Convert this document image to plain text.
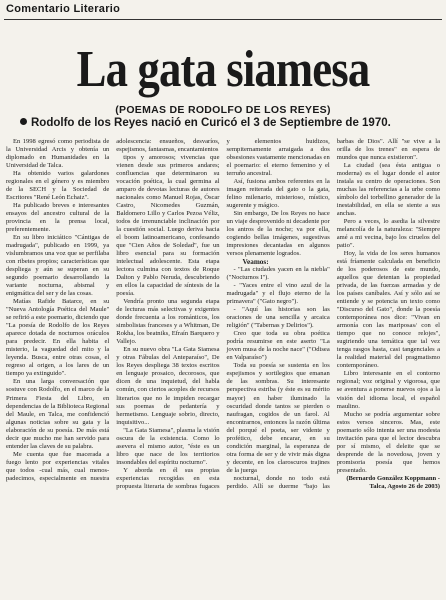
Comentario Literario
La gata siamesa
(POEMAS DE RODOLFO DE LOS REYES)
Rodolfo de los Reyes nació en Curicó el 3 de Septiembre de 1970.

En 1998 egresó como periodista de la Universidad Arcis y obtenía un diplomado en Humanidades en la Universidad de Talca.

Ha obtenido varios galardones regionales en el género y es miembro de la SECH y la Sociedad de Escritores "René León Echaiz".

Ha publicado breves e interesantes ensayos del ancestro cultural de la provincia en la prensa local, preferentemente.

En su libro iniciático "Cántigas de madrugada", publicado en 1999, ya vislumbramos una voz que se perfilaba con ribetes propios; características que despliega y aún se superan en su segundo poemario desarrollando la variante nocturna, abismal y enigmática del ser y de las cosas.

Matías Rafide Batarce, en su "Nueva Antología Poética del Maule" se refirió a este poemario, diciendo que "La poesía de Rodolfo de los Reyes aparece dotada de nocturnos oráculos para predecir. En ella habita el misterio, la vaguedad del mito y la leyenda. Busca, entre otras cosas, el regreso al origen, a los lares de un tiempo ya extinguido".

En una larga conversación que sostuve con Rodolfo, en el marco de la Primera Fiesta del Libro, en dependencias de la Biblioteca Regional del Maule, en Talca, me confidenció algunas noticias sobre su gata y la elaboración de su poesía. De más está decir que mucho me han servido para entender las claves de su palabra.

Me cuenta que fue maceradа a fuego lento por experiencias vitales que todos -cual más, cual menos- padecimos, especialmente en nuestra adolescencia: ensueños, desvaríos, espejismos, fantasmas, encantamientos

tipos y amorosos; vivencias que vienen desde sus primeros andares; confluencias que determinaron su vocación poética, la cual germina al amparo de devotas lecturas de autores nacionales como Manuel Rojas, Óscar Castro, Nicomedes Guzmán, Baldomero Lillo y Carlos Pezoa Véliz, todos de irrenunciable inclinación por la cuestión social. Luego deriva hacia el boom latinoamericano, confesando que "Cien Años de Soledad", fue un libro esencial para su formación intelectual adolescente. Esta etapa lectora culmina con textos de Roque Dalton y Pablo Neruda, descubriendo en ellos la capacidad de síntesis de la poesía.

Vendría pronto una segunda etapa de lecturas más selectivas y exigentes donde frecuenta a los románticos, los simbolistas franceses y a Whitman, De Rokha, los beatniks, Efraín Barquero y Vallejo.

En su nuevo obra "La Gata Siamesa y otras Fábulas del Anteparaíso", De los Reyes despliega 38 textos escritos en lenguaje prosaico, decorosos, que dicen de una inquietud, del habla común, con ciertos acoples de recursos literarios que no le impiden recargar sus poemas de pedantería y hermetismo. Lenguaje sobrio, directo, inquisitivo...

"La Gata Siamesa", plasma la visión oscura de la existencia. Como lo asevera el mismo autor, "éste es un libro que nace de los territorios insondables del espíritu nocturno".

Y aborda en él sus propias experiencias recogidas en esta propuesta literaria de sombras fugaces y elementos huidizos, sempiternamente arraigada a dos obsesiones vastamente mencionadas en el poemario: el eterno femenino y el terruño ancestral.

Así, fusiona ambos referentes en la imagen reiterada del gato o la gata, felino milenario, misterioso, místico, sugerente y mágico.

Sin embargo, De los Reyes no hace un viaje desprovenido ni decadente por los antros de la noche; va por ella, cogiendo bellas imágenes, sugestivas impresiones decantadas en algunos versos plenamente logrados.

Veamos:

- "Las ciudades yacen en la niebla" ("Nocturnos I").

- "Yaces entre el vino azul de la madrugada" y el flujo eterno de la primavera" ("Gato negro").

- "Aquí las historias son las oraciones de una sencilla y arcaica religión" ("Tabernas y Delirios").

Creo que toda su obra poética podría resumirse en este aserto "La joven musa de la noche nace" ("Odisea en Valparaíso")

Toda su poesía se sustenta en los espejismos y sortilegios que emanan de las sombras. Su interesante perspectiva estriba (y éste es su mérito mayor) en haber iluminado la oscuridad donde tantos se pierden o naufragan, cogidos de un farol. Al encontrarnos, entonces la razón última del porqué el poeta, ser vidente y profético, debe encarar, en su condición marginal, la esperanza de otra forma de ser y de vivir más digna y decente, en los claroscuros trajines de la juerga

nocturnal, donde no todo está perdido. Allí se duerme "bajo las barbas de Dios". Allí "se vive a la orilla de los trenes" en espera de mundos que nunca existieron".

La ciudad (sea ésta antigua o moderna) es el lugar donde el autor instala su centro de operaciones. Son muchas las referencias a la urbe como símbolo del torbellino generador de la inestabilidad, en ella se siente a sus anchas.

Pero a veces, lo asedia la silvestre melancolía de la naturaleza: "Siempre amé a mi vecina, bajo los ciruelos del patio".

Hoy, la vida de los seres humanos está fríamente calculada en beneficio de los poderosos de este mundo, aquellos que detentan la propiedad privada, de las fuerzas armadas y de los países caníbales. Así y sólo así se entiende y se potencia un texto como "Discurso del Gato", donde la poesía contemporánea nos dice: "Vivan en armonía con las mariposas/ con el tiempo que no conoce relojes", sugiriendo una temática que tal vez tenga rasgos hasta, casi tangenciales a la realidad material del pragmatismo contemporáneo.

Libro interesante en el contorno regional; voz original y vigorosa, que se aventura a ponerse nuevos ojos a la visión del idioma local, el español maulino.

Mucho se podría argumentar sobre estos versos sinceros. Mas, este poemario sólo intenta ser una modesta invitación para que el lector descubra por sí mismo, el deleite que se desprende de la novedosa, joven y promisoria poesía que hemos presentado.

(Bernardo González Koppmann - Talca, Agosto 26 de 2003)
